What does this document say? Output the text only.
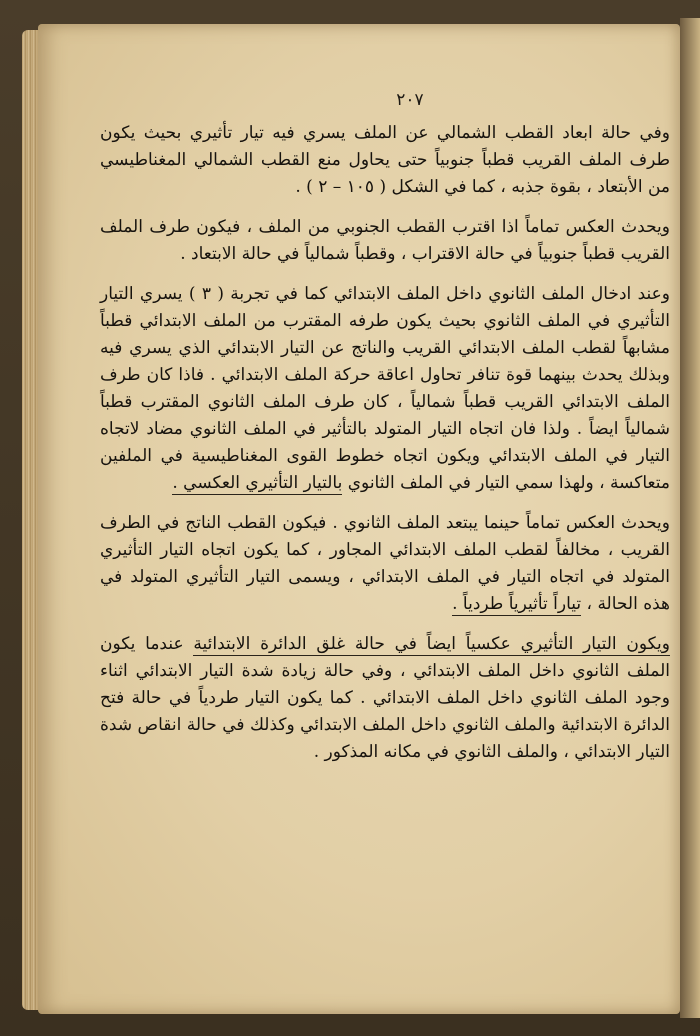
٢٠٧

وفي حالة ابعاد القطب الشمالي عن الملف يسري فيه تيار تأثيري بحيث يكون طرف الملف القريب قطباً جنوبياً حتى يحاول منع القطب الشمالي المغناطيسي من الأبتعاد ، بقوة جذبه ، كما في الشكل ( ١٠٥ – ٢ ) .

ويحدث العكس تماماً اذا اقترب القطب الجنوبي من الملف ، فيكون طرف الملف القريب قطباً جنوبياً في حالة الاقتراب ، وقطباً شمالياً في حالة الابتعاد .

وعند ادخال الملف الثانوي داخل الملف الابتدائي كما في تجربة ( ٣ ) يسري التيار التأثيري في الملف الثانوي بحيث يكون طرفه المقترب من الملف الابتدائي قطباً مشابهاً لقطب الملف الابتدائي القريب والناتج عن التيار الابتدائي الذي يسري فيه وبذلك يحدث بينهما قوة تنافر تحاول اعاقة حركة الملف الابتدائي . فاذا كان طرف الملف الابتدائي القريب قطباً شمالياً ، كان طرف الملف الثانوي المقترب قطباً شمالياً ايضاً . ولذا فان اتجاه التيار المتولد بالتأثير في الملف الثانوي مضاد لاتجاه التيار في الملف الابتدائي ويكون اتجاه خطوط القوى المغناطيسية في الملفين متعاكسة ، ولهذا سمي التيار في الملف الثانوي بالتيار التأثيري العكسي .

ويحدث العكس تماماً حينما يبتعد الملف الثانوي . فيكون القطب الناتج في الطرف القريب ، مخالفاً لقطب الملف الابتدائي المجاور ، كما يكون اتجاه التيار التأثيري المتولد في اتجاه التيار في الملف الابتدائي ، ويسمى التيار التأثيري المتولد في هذه الحالة ، تياراً تأثيرياً طردياً .

ويكون التيار التأثيري عكسياً ايضاً في حالة غلق الدائرة الابتدائية عندما يكون الملف الثانوي داخل الملف الابتدائي ، وفي حالة زيادة شدة التيار الابتدائي اثناء وجود الملف الثانوي داخل الملف الابتدائي . كما يكون التيار طردياً في حالة فتح الدائرة الابتدائية والملف الثانوي داخل الملف الابتدائي وكذلك في حالة انقاص شدة التيار الابتدائي ، والملف الثانوي في مكانه المذكور .
